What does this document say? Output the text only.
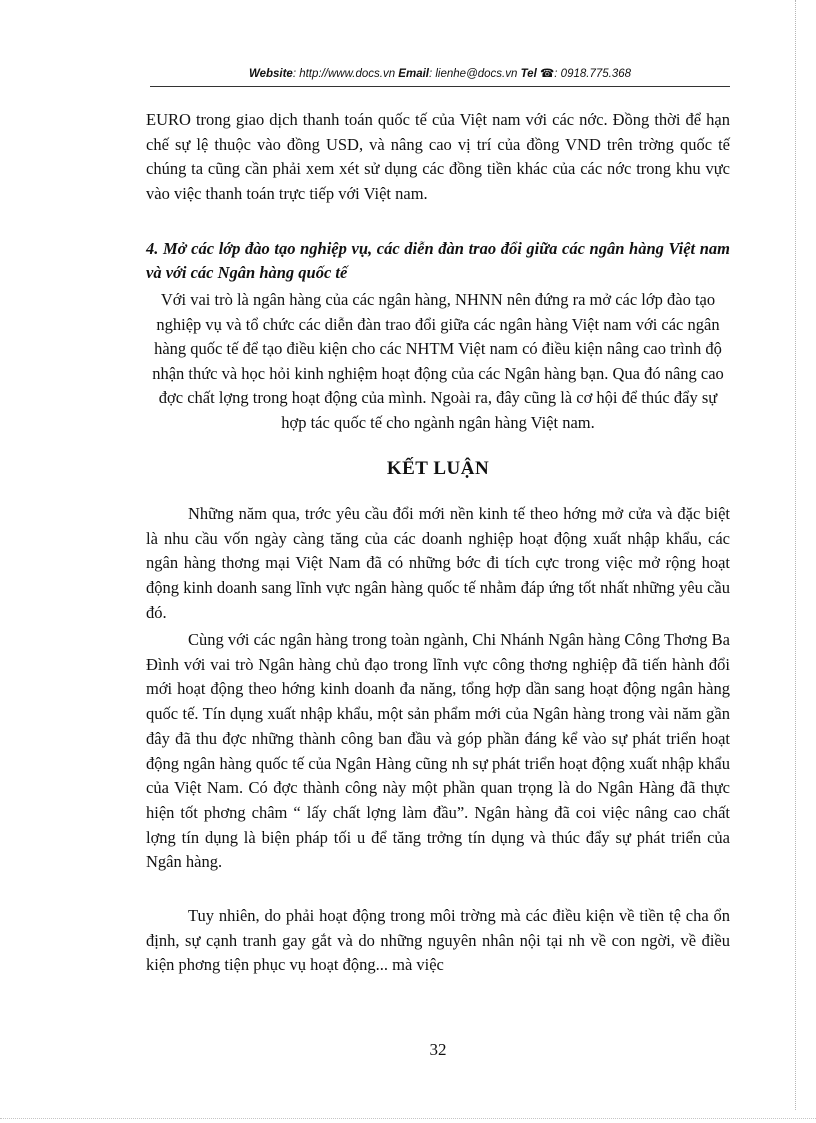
Website: http://www.docs.vn Email: lienhe@docs.vn Tel ☎: 0918.775.368
EURO trong giao dịch thanh toán quốc tế của Việt nam với các nớc. Đồng thời để hạn chế sự lệ thuộc vào đồng USD, và nâng cao vị trí của đồng VND trên trờng quốc tế chúng ta cũng cần phải xem xét sử dụng các đồng tiền khác của các nớc trong khu vực vào việc thanh toán trực tiếp với Việt nam.
4. Mở các lớp đào tạo nghiệp vụ, các diễn đàn trao đổi giữa các ngân hàng Việt nam và với các Ngân hàng quốc tế
Với vai trò là ngân hàng của các ngân hàng, NHNN nên đứng ra mở các lớp đào tạo nghiệp vụ và tổ chức các diễn đàn trao đổi giữa các ngân hàng Việt nam với các ngân hàng quốc tế để tạo điều kiện cho các NHTM Việt nam có điều kiện nâng cao trình độ nhận thức và học hỏi kinh nghiệm hoạt động của các Ngân hàng bạn. Qua đó nâng cao đợc chất lợng trong hoạt động của mình. Ngoài ra, đây cũng là cơ hội để thúc đẩy sự hợp tác quốc tế cho ngành ngân hàng Việt nam.
KẾT LUẬN
Những năm qua, trớc yêu cầu đổi mới nền kinh tế theo hớng mở cửa và đặc biệt là nhu cầu vốn ngày càng tăng của các doanh nghiệp hoạt động xuất nhập khẩu, các ngân hàng thơng mại Việt Nam đã có những bớc đi tích cực trong việc mở rộng hoạt động kinh doanh sang lĩnh vực ngân hàng quốc tế nhằm đáp ứng tốt nhất những yêu cầu đó.
Cùng với các ngân hàng trong toàn ngành, Chi Nhánh Ngân hàng Công Thơng Ba Đình với vai trò Ngân hàng chủ đạo trong lĩnh vực công thơng nghiệp đã tiến hành đổi mới hoạt động theo hớng kinh doanh đa năng, tổng hợp dần sang hoạt động ngân hàng quốc tế. Tín dụng xuất nhập khẩu, một sản phẩm mới của Ngân hàng trong vài năm gần đây đã thu đợc những thành công ban đầu và góp phần đáng kể vào sự phát triển hoạt động ngân hàng quốc tế của Ngân Hàng cũng nh sự phát triển hoạt động xuất nhập khẩu của Việt Nam. Có đợc thành công này một phần quan trọng là do Ngân Hàng đã thực hiện tốt phơng châm “ lấy chất lợng làm đầu”. Ngân hàng đã coi việc nâng cao chất lợng tín dụng là biện pháp tối u để tăng trởng tín dụng và thúc đẩy sự phát triển của Ngân hàng.
Tuy nhiên, do phải hoạt động trong môi trờng mà các điều kiện về tiền tệ cha ổn định, sự cạnh tranh gay gắt và do những nguyên nhân nội tại nh về con ngời, về điều kiện phơng tiện phục vụ hoạt động... mà việc
32
